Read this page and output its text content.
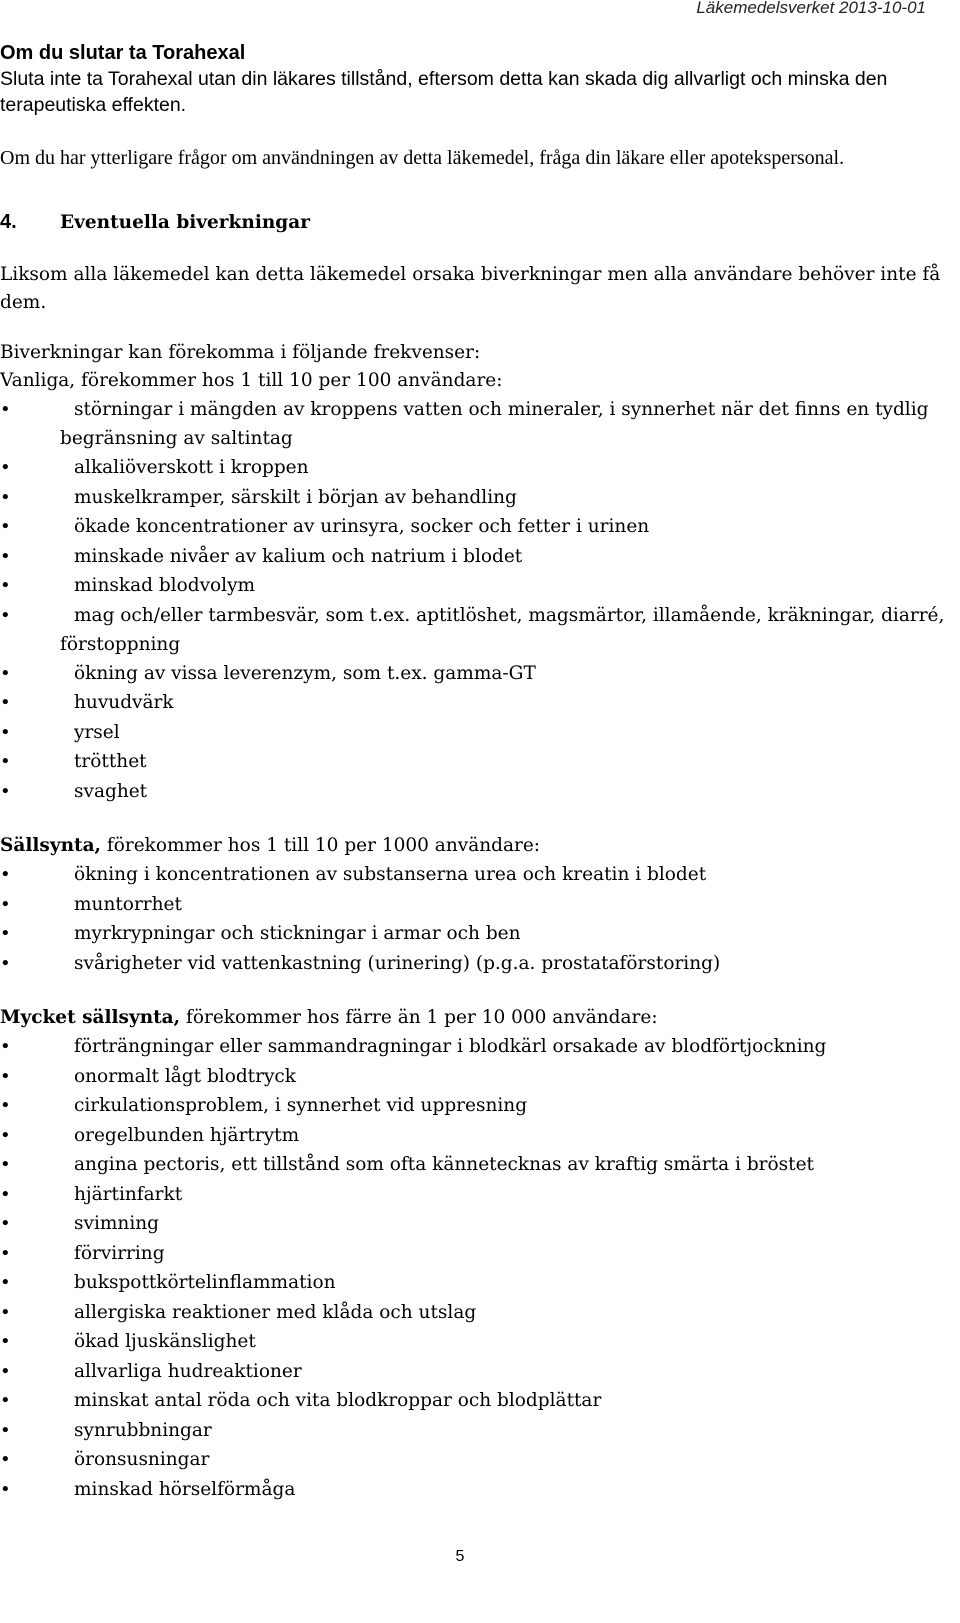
Läkemedelsverket 2013-10-01

Om du slutar ta Torahexal

Sluta inte ta Torahexal utan din läkares tillstånd, eftersom detta kan skada dig allvarligt och minska den terapeutiska effekten.

Om du har ytterligare frågor om användningen av detta läkemedel, fråga din läkare eller apotekspersonal.

4.	Eventuella biverkningar

Liksom alla läkemedel kan detta läkemedel orsaka biverkningar men alla användare behöver inte få dem.

Biverkningar kan förekomma i följande frekvenser:

Vanliga, förekommer hos 1 till 10 per 100 användare:

•	störningar i mängden av kroppens vatten och mineraler, i synnerhet när det finns en tydlig begränsning av saltintag
•	alkaliöverskott i kroppen
•	muskelkramper, särskilt i början av behandling
•	ökade koncentrationer av urinsyra, socker och fetter i urinen
•	minskade nivåer av kalium och natrium i blodet
•	minskad blodvolym
•	mag och/eller tarmbesvär, som t.ex. aptitlöshet, magsmärtor, illamående, kräkningar, diarré, förstoppning
•	ökning av vissa leverenzym, som t.ex. gamma-GT
•	huvudvärk
•	yrsel
•	trötthet
•	svaghet

Sällsynta, förekommer hos 1 till 10 per 1000 användare:

•	ökning i koncentrationen av substanserna urea och kreatin i blodet
•	muntorrhet
•	myrkrypningar och stickningar i armar och ben
•	svårigheter vid vattenkastning (urinering) (p.g.a. prostataförstoring)

Mycket sällsynta, förekommer hos färre än 1 per 10 000 användare:

•	förträngningar eller sammandragningar i blodkärl orsakade av blodförtjockning
•	onormalt lågt blodtryck
•	cirkulationsproblem, i synnerhet vid uppresning
•	oregelbunden hjärtrytm
•	angina pectoris, ett tillstånd som ofta kännetecknas av kraftig smärta i bröstet
•	hjärtinfarkt
•	svimning
•	förvirring
•	bukspottkörtelinflammation
•	allergiska reaktioner med klåda och utslag
•	ökad ljuskänslighet
•	allvarliga hudreaktioner
•	minskat antal röda och vita blodkroppar och blodplättar
•	synrubbningar
•	öronsusningar
•	minskad hörselförmåga
5
